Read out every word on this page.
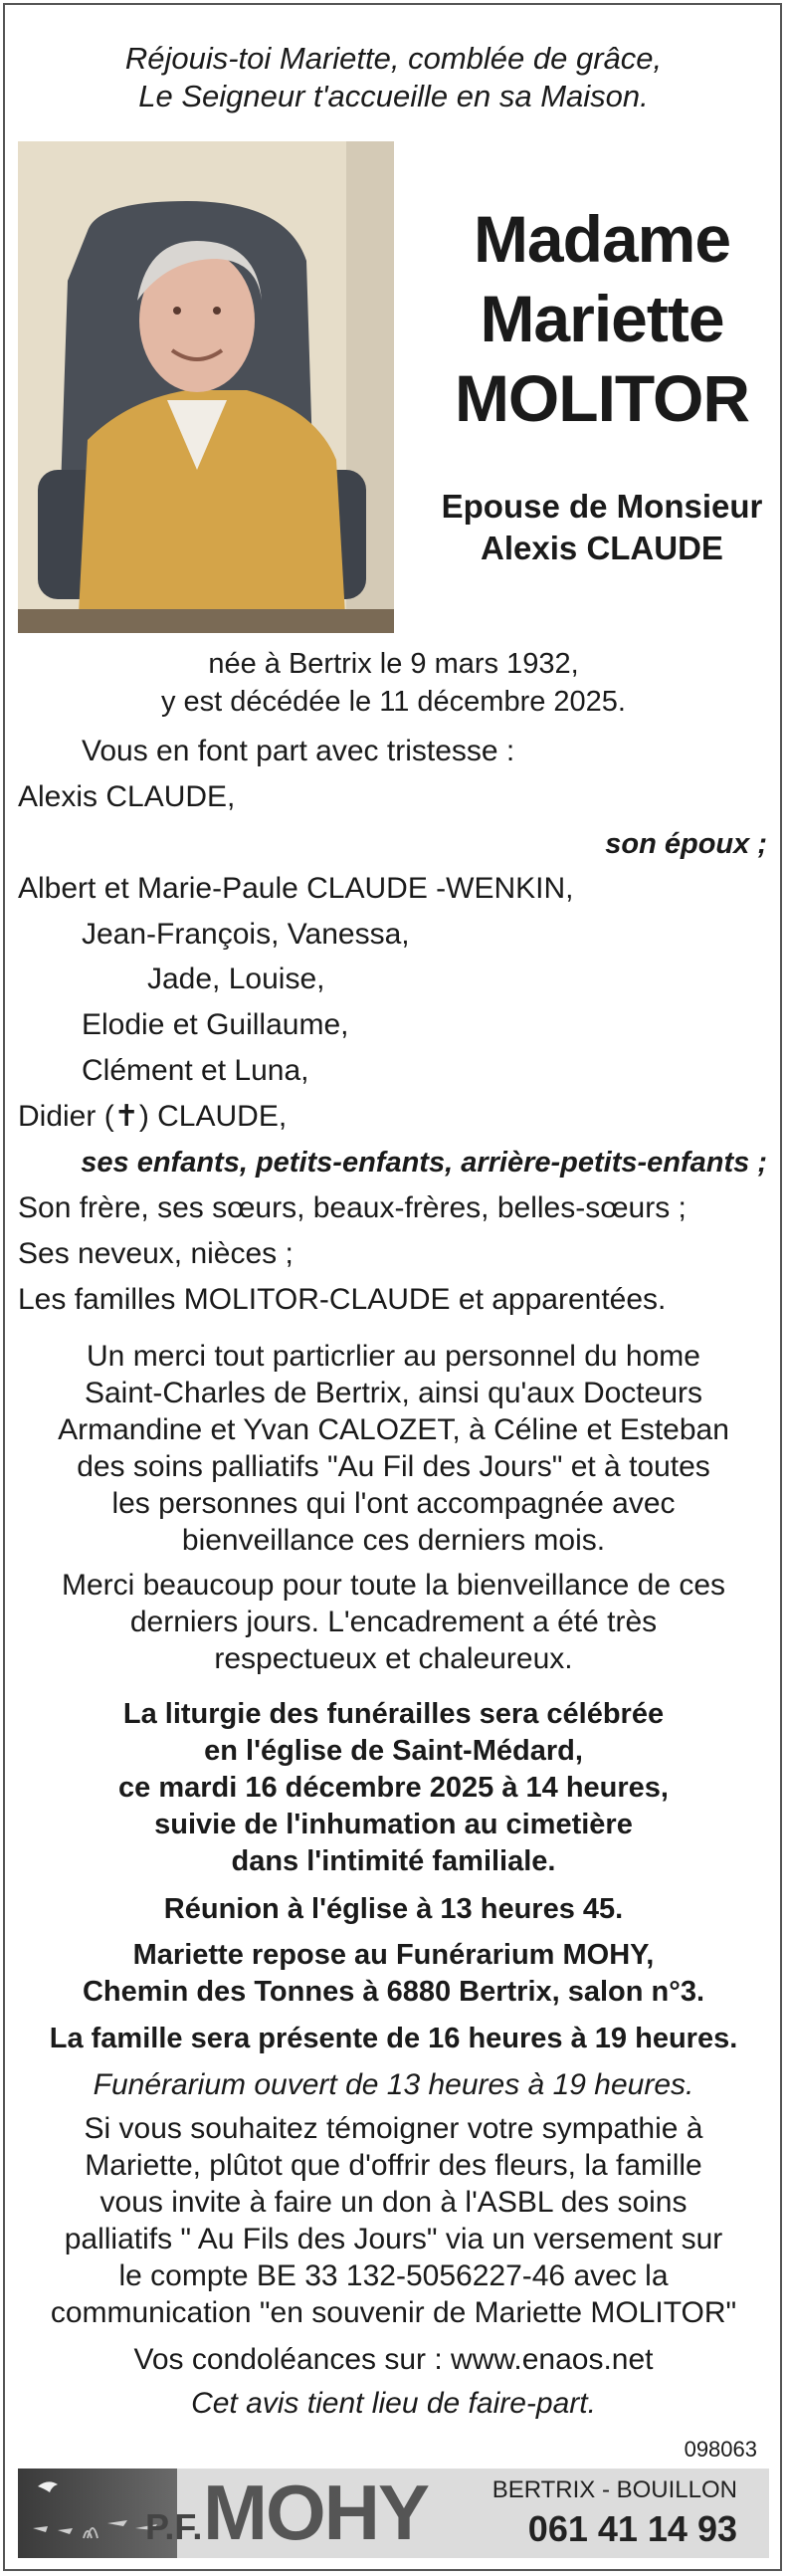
Réjouis-toi Mariette, comblée de grâce,
Le Seigneur t'accueille en sa Maison.
Madame
Mariette
MOLITOR
Epouse de Monsieur
Alexis CLAUDE
née à Bertrix le 9 mars 1932,
y est décédée le 11 décembre 2025.
Vous en font part avec tristesse :
Alexis CLAUDE,
son époux ;
Albert et Marie-Paule CLAUDE -WENKIN,
Jean-François, Vanessa,
Jade, Louise,
Elodie et Guillaume,
Clément et Luna,
Didier (✝) CLAUDE,
ses enfants, petits-enfants, arrière-petits-enfants ;
Son frère, ses sœurs, beaux-frères, belles-sœurs ;
Ses neveux, nièces ;
Les familles MOLITOR-CLAUDE et apparentées.
Un merci tout particrlier au personnel du home
Saint-Charles de Bertrix, ainsi qu'aux Docteurs
Armandine et Yvan CALOZET, à Céline et Esteban
des soins palliatifs "Au Fil des Jours" et à toutes
les personnes qui l'ont accompagnée avec
bienveillance ces derniers mois.
Merci beaucoup pour toute la bienveillance de ces
derniers jours. L'encadrement a été très
respectueux et chaleureux.
La liturgie des funérailles sera célébrée
en l'église de Saint-Médard,
ce mardi 16 décembre 2025 à 14 heures,
suivie de l'inhumation au cimetière
dans l'intimité familiale.
Réunion à l'église à 13 heures 45.
Mariette repose au Funérarium MOHY,
Chemin des Tonnes à 6880 Bertrix, salon n°3.
La famille sera présente de 16 heures à 19 heures.
Funérarium ouvert de 13 heures à 19 heures.
Si vous souhaitez témoigner votre sympathie à
Mariette, plûtot que d'offrir des fleurs, la famille
vous invite à faire un don à l'ASBL des soins
palliatifs " Au Fils des Jours" via un versement sur
le compte BE 33 132-5056227-46 avec la
communication "en souvenir de Mariette MOLITOR"
Vos condoléances sur : www.enaos.net
Cet avis tient lieu de faire-part.
098063
P.F. MOHY	BERTRIX - BOUILLON
061 41 14 93
